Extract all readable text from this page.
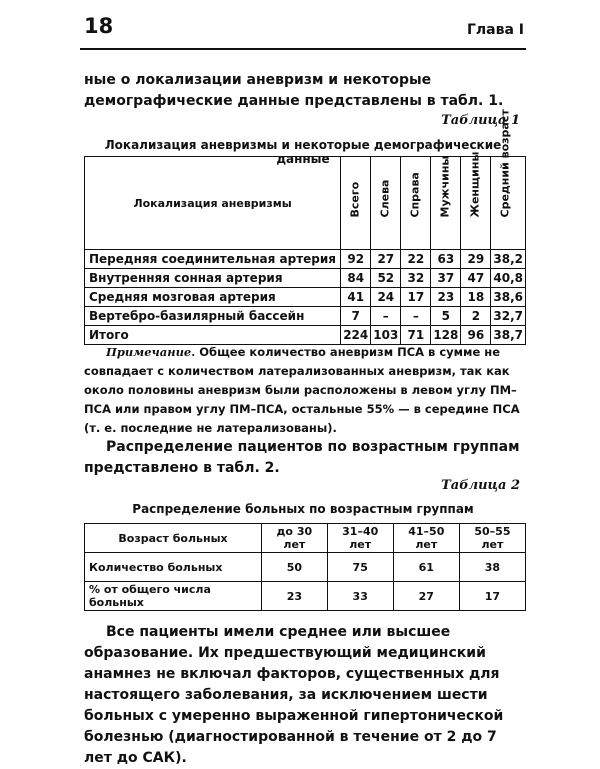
18	Глава I

ные о локализации аневризм и некоторые демографические данные представлены в табл. 1.

Таблица 1
Локализация аневризмы и некоторые демографические данные
Локализация аневризмы	Всего	Слева	Справа	Мужчины	Женщины	Средний возраст

Передняя соединительная артерия	92	27	22	63	29	38,2
Внутренняя сонная артерия	84	52	32	37	47	40,8
Средняя мозговая артерия	41	24	17	23	18	38,6
Вертебро-базилярный бассейн	7	–	–	5	2	32,7
Итого	224	103	71	128	96	38,7

Примечание. Общее количество аневризм ПСА в сумме не совпадает с количеством латерализованных аневризм, так как около половины аневризм были расположены в левом углу ПМ–ПСА или правом углу ПМ–ПСА, остальные 55% — в середине ПСА (т. е. последние не латерализованы).

Распределение пациентов по возрастным группам представлено в табл. 2.

Таблица 2
Распределение больных по возрастным группам
Возраст больных	до 30 лет	31–40 лет	41–50 лет	50–55 лет
Количество больных	50	75	61	38
% от общего числа больных	23	33	27	17

Все пациенты имели среднее или высшее образование. Их предшествующий медицинский анамнез не включал факторов, существенных для настоящего заболевания, за исключением шести больных с умеренно выраженной гипертонической болезнью (диагностированной в течение от 2 до 7 лет до САК).
